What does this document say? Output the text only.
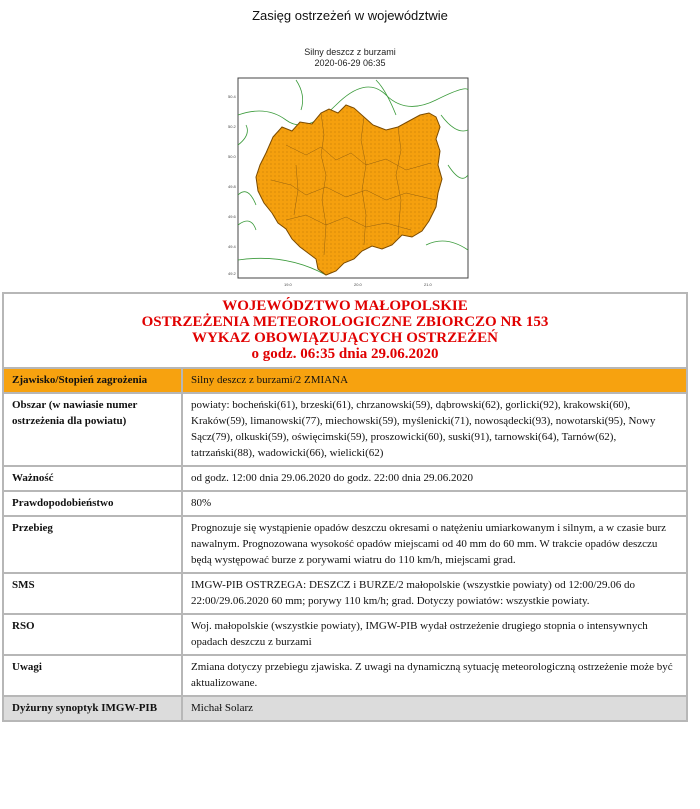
Zasięg ostrzeżeń w województwie
Silny deszcz z burzami
2020-06-29 06:35
50.4
50.2
50.0
49.8
49.6
49.4
49.2
19.0	20.0	21.0
WOJEWÓDZTWO MAŁOPOLSKIE
OSTRZEŻENIA METEOROLOGICZNE ZBIORCZO NR 153
WYKAZ OBOWIĄZUJĄCYCH OSTRZEŻEŃ
o godz. 06:35 dnia 29.06.2020	

Zjawisko/Stopień zagrożenia	Silny deszcz z burzami/2 ZMIANA
Obszar (w nawiasie numer ostrzeżenia dla powiatu)	powiaty: bocheński(61), brzeski(61), chrzanowski(59), dąbrowski(62), gorlicki(92), krakowski(60), Kraków(59), limanowski(77), miechowski(59), myślenicki(71), nowosądecki(93), nowotarski(95), Nowy Sącz(79), olkuski(59), oświęcimski(59), proszowicki(60), suski(91), tarnowski(64), Tarnów(62), tatrzański(88), wadowicki(66), wielicki(62)
Ważność	od godz. 12:00 dnia 29.06.2020 do godz. 22:00 dnia 29.06.2020
Prawdopodobieństwo	80%
Przebieg	Prognozuje się wystąpienie opadów deszczu okresami o natężeniu umiarkowanym i silnym, a w czasie burz nawalnym. Prognozowana wysokość opadów miejscami od 40 mm do 60 mm. W trakcie opadów deszczu będą występować burze z porywami wiatru do 110 km/h, miejscami grad.
SMS	IMGW-PIB OSTRZEGA: DESZCZ i BURZE/2 małopolskie (wszystkie powiaty) od 12:00/29.06 do 22:00/29.06.2020 60 mm; porywy 110 km/h; grad. Dotyczy powiatów: wszystkie powiaty.
RSO	Woj. małopolskie (wszystkie powiaty), IMGW-PIB wydał ostrzeżenie drugiego stopnia o intensywnych opadach deszczu z burzami
Uwagi	Zmiana dotyczy przebiegu zjawiska. Z uwagi na dynamiczną sytuację meteorologiczną ostrzeżenie może być aktualizowane.
Dyżurny synoptyk IMGW-PIB	Michał Solarz
